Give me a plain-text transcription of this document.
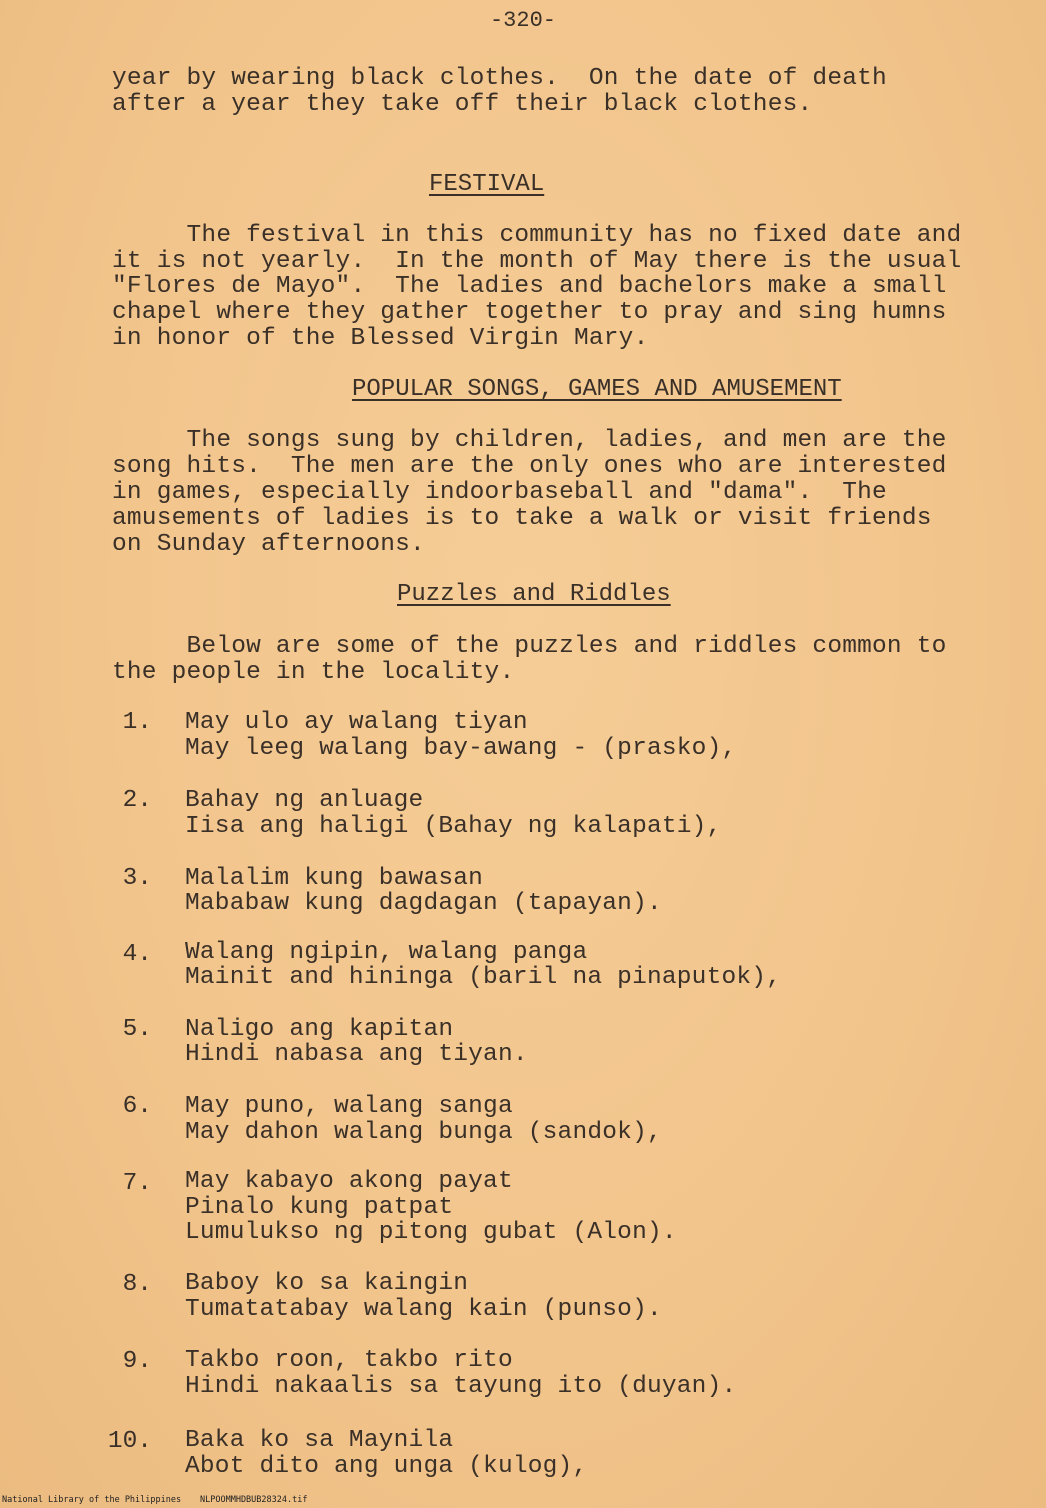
-320-
year by wearing black clothes.  On the date of death
after a year they take off their black clothes.
FESTIVAL
The festival in this community has no fixed date and
it is not yearly.  In the month of May there is the usual
"Flores de Mayo".  The ladies and bachelors make a small
chapel where they gather together to pray and sing humns
in honor of the Blessed Virgin Mary.
POPULAR SONGS, GAMES AND AMUSEMENT
The songs sung by children, ladies, and men are the
song hits.  The men are the only ones who are interested
in games, especially indoorbaseball and "dama".  The
amusements of ladies is to take a walk or visit friends
on Sunday afternoons.
Puzzles and Riddles
Below are some of the puzzles and riddles common to
the people in the locality.
1. May ulo ay walang tiyan
May leeg walang bay-awang - (prasko),
2. Bahay ng anluage
Iisa ang haligi (Bahay ng kalapati),
3. Malalim kung bawasan
Mababaw kung dagdagan (tapayan).
4. Walang ngipin, walang panga
Mainit and hininga (baril na pinaputok),
5. Naligo ang kapitan
Hindi nabasa ang tiyan.
6. May puno, walang sanga
May dahon walang bunga (sandok),
7. May kabayo akong payat
Pinalo kung patpat
Lumulukso ng pitong gubat (Alon).
8. Baboy ko sa kaingin
Tumatatabay walang kain (punso).
9. Takbo roon, takbo rito
Hindi nakaalis sa tayung ito (duyan).
10. Baka ko sa Maynila
Abot dito ang unga (kulog),
National Library of the Philippines NLPOOMMHDBUB28324.tif
